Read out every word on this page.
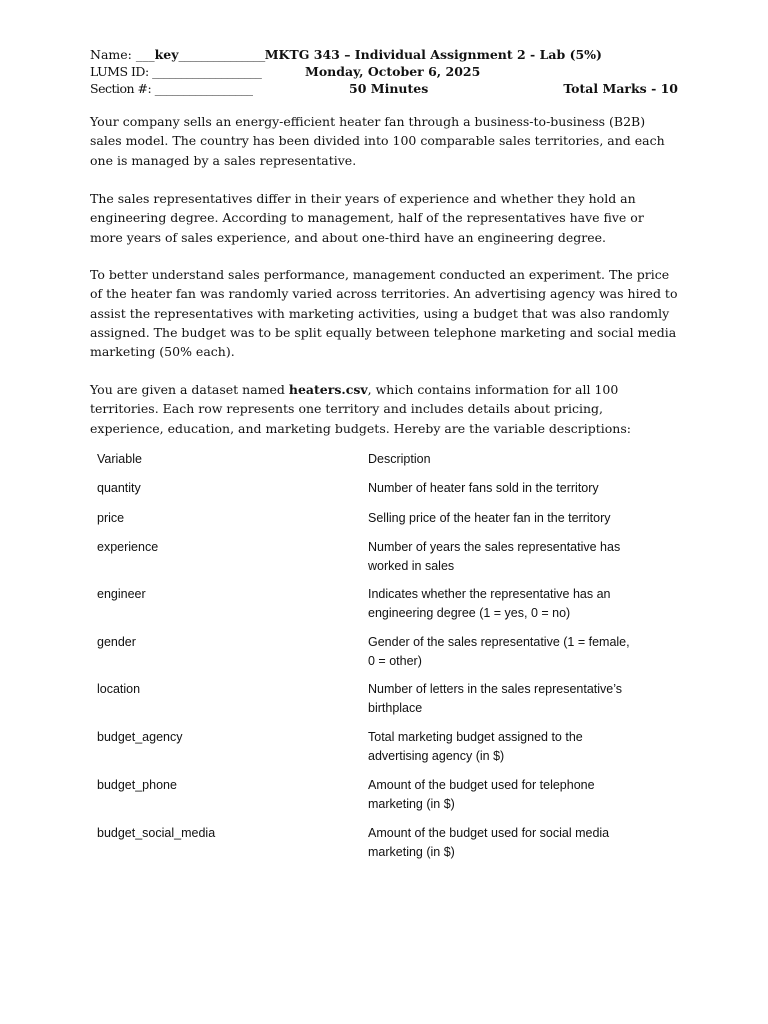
Name: ___key_______________MKTG 343 – Individual Assignment 2 - Lab (5%)
LUMS ID: ___________________	Monday, October 6, 2025
Section #: _________________	50 Minutes	Total Marks - 10

Your company sells an energy-efficient heater fan through a business-to-business (B2B) sales model. The country has been divided into 100 comparable sales territories, and each one is managed by a sales representative.

The sales representatives differ in their years of experience and whether they hold an engineering degree. According to management, half of the representatives have five or more years of sales experience, and about one-third have an engineering degree.

To better understand sales performance, management conducted an experiment. The price of the heater fan was randomly varied across territories. An advertising agency was hired to assist the representatives with marketing activities, using a budget that was also randomly assigned. The budget was to be split equally between telephone marketing and social media marketing (50% each).

You are given a dataset named heaters.csv, which contains information for all 100 territories. Each row represents one territory and includes details about pricing, experience, education, and marketing budgets. Hereby are the variable descriptions:

Variable	Description
quantity	Number of heater fans sold in the territory
price	Selling price of the heater fan in the territory
experience	Number of years the sales representative has worked in sales
engineer	Indicates whether the representative has an engineering degree (1 = yes, 0 = no)
gender	Gender of the sales representative (1 = female, 0 = other)
location	Number of letters in the sales representative’s birthplace
budget_agency	Total marketing budget assigned to the advertising agency (in $)
budget_phone	Amount of the budget used for telephone marketing (in $)
budget_social_media	Amount of the budget used for social media marketing (in $)
